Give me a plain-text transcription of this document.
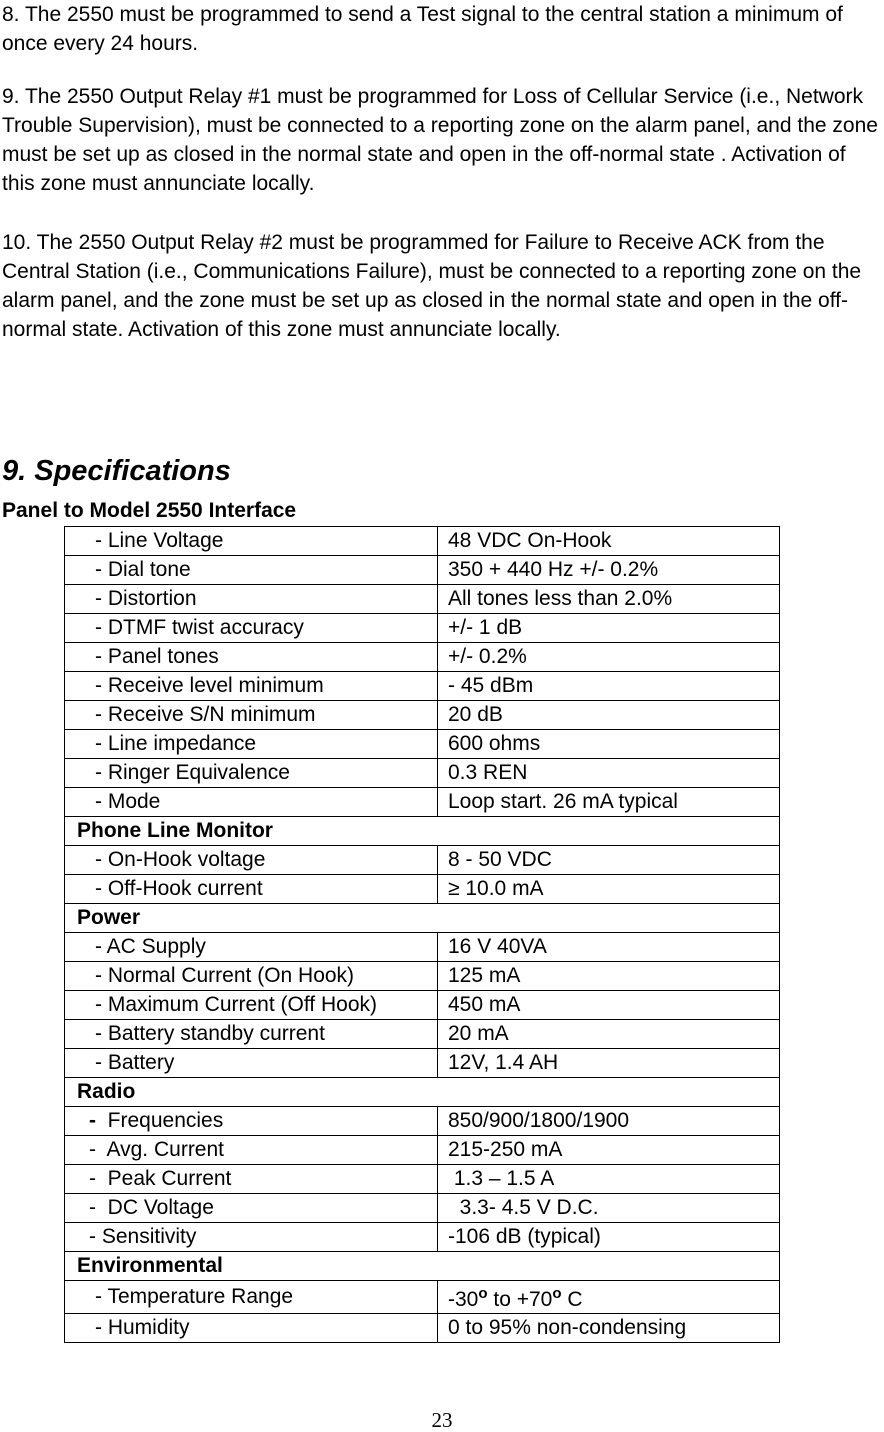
8. The 2550 must be programmed to send a Test signal to the central station a minimum of once every 24 hours.

9. The 2550 Output Relay #1 must be programmed for Loss of Cellular Service (i.e., Network Trouble Supervision), must be connected to a reporting zone on the alarm panel, and the zone must be set up as closed in the normal state and open in the off-normal state . Activation of this zone must annunciate locally.

10. The 2550 Output Relay #2 must be programmed for Failure to Receive ACK from the Central Station (i.e., Communications Failure), must be connected to a reporting zone on the alarm panel, and the zone must be set up as closed in the normal state and open in the off-normal state. Activation of this zone must annunciate locally.

9. Specifications

Panel to Model 2550 Interface

- Line Voltage	48 VDC On-Hook
- Dial tone	350 + 440 Hz +/- 0.2%
- Distortion	All tones less than 2.0%
- DTMF twist accuracy	+/- 1 dB
- Panel tones	+/- 0.2%
- Receive level minimum	- 45 dBm
- Receive S/N minimum	20 dB
- Line impedance	600 ohms
- Ringer Equivalence	0.3 REN
- Mode	Loop start. 26 mA typical
Phone Line Monitor	
- On-Hook voltage	8 - 50 VDC
- Off-Hook current	≥ 10.0 mA
Power	
- AC Supply	16 V 40VA
- Normal Current (On Hook)	125 mA
- Maximum Current (Off Hook)	450 mA
- Battery standby current	20 mA
- Battery	12V, 1.4 AH
Radio	
-  Frequencies	850/900/1800/1900
-  Avg. Current	215-250 mA
-  Peak Current	1.3 – 1.5 A
-  DC Voltage	3.3- 4.5 V D.C.
- Sensitivity	-106 dB (typical)
Environmental	
- Temperature Range	-30$^o$ to $+70^o$ C
- Humidity	0 to 95% non-condensing
23
